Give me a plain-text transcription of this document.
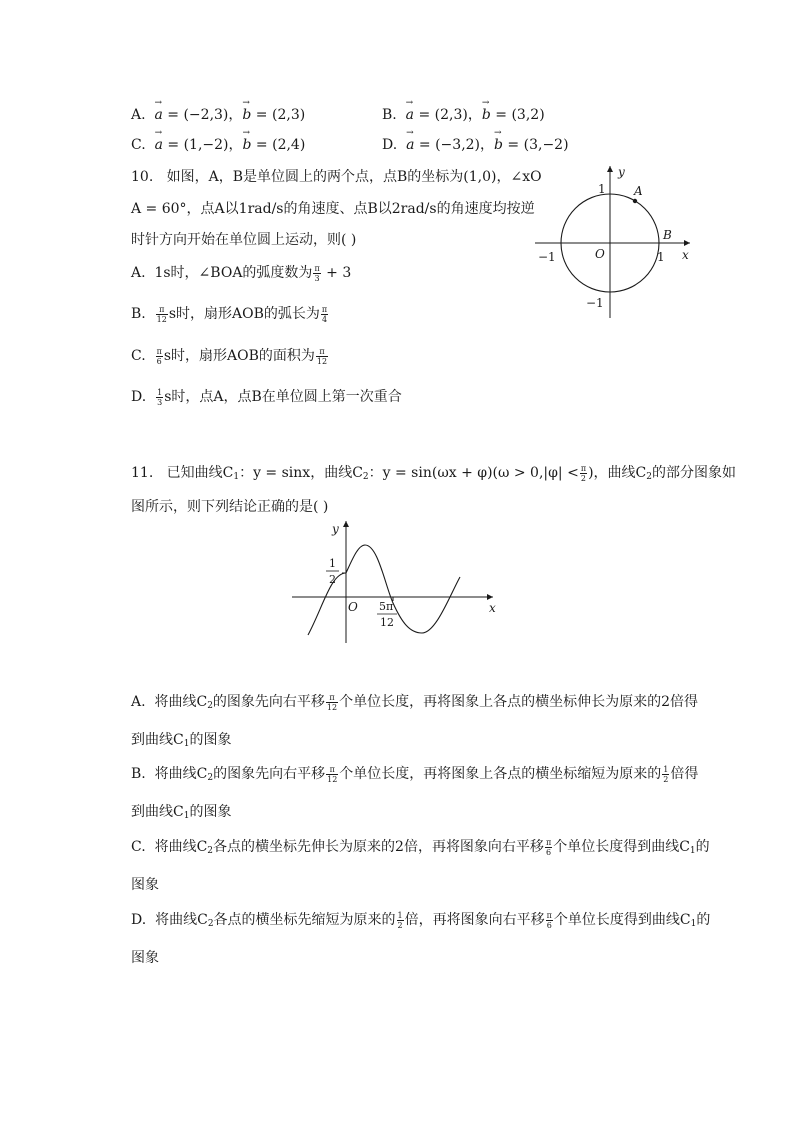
A. → a = (−2,3)，→ b = (2,3)	B. → a = (2,3)，→ b = (3,2)
C. → a = (1,−2)，→ b = (2,4)	D. → a = (−3,2)，→ b = (3,−2)
10. 如图，A，B是单位圆上的两个点，点B的坐标为(1,0)，∠xO
A = 60°，点A以1rad/s的角速度、点B以2rad/s的角速度均按逆
时针方向开始在单位圆上运动，则( )
A. 1s时，∠BOA的弧度数为 $\frac{\pi}{3} + 3$
B. $\frac{\pi}{12}$ s时，扇形AOB的弧长为 $\frac{\pi}{4}$
C. $\frac{\pi}{6}$ s时，扇形AOB的面积为 $\frac{\pi}{12}$
D. $\frac{1}{3}$ s时，点A，点B在单位圆上第一次重合
y
x
O
1
−1
1
−1
A
B
11. 已知曲线$C_1$：y = sinx，曲线$C_2$：$y = \sin(\omega x + \varphi)(\omega > 0,|\varphi| < \frac{\pi}{2}$ )，曲线$C_2$的部分图象如
图所示，则下列结论正确的是( )
y
x
O
1
2
5π
12
A. 将曲线$C_2$的图象先向右平移 $\frac{\pi}{12}$ 个单位长度，再将图象上各点的横坐标伸长为原来的2倍得
到曲线$C_1$的图象
B. 将曲线$C_2$的图象先向右平移 $\frac{\pi}{12}$ 个单位长度，再将图象上各点的横坐标缩短为原来的 $\frac{1}{2}$ 倍得
到曲线$C_1$的图象
C. 将曲线$C_2$各点的横坐标先伸长为原来的2倍，再将图象向右平移 $\frac{\pi}{6}$ 个单位长度得到曲线$C_1$的
图象
D. 将曲线$C_2$各点的横坐标先缩短为原来的 $\frac{1}{2}$ 倍，再将图象向右平移 $\frac{\pi}{6}$ 个单位长度得到曲线$C_1$的
图象
